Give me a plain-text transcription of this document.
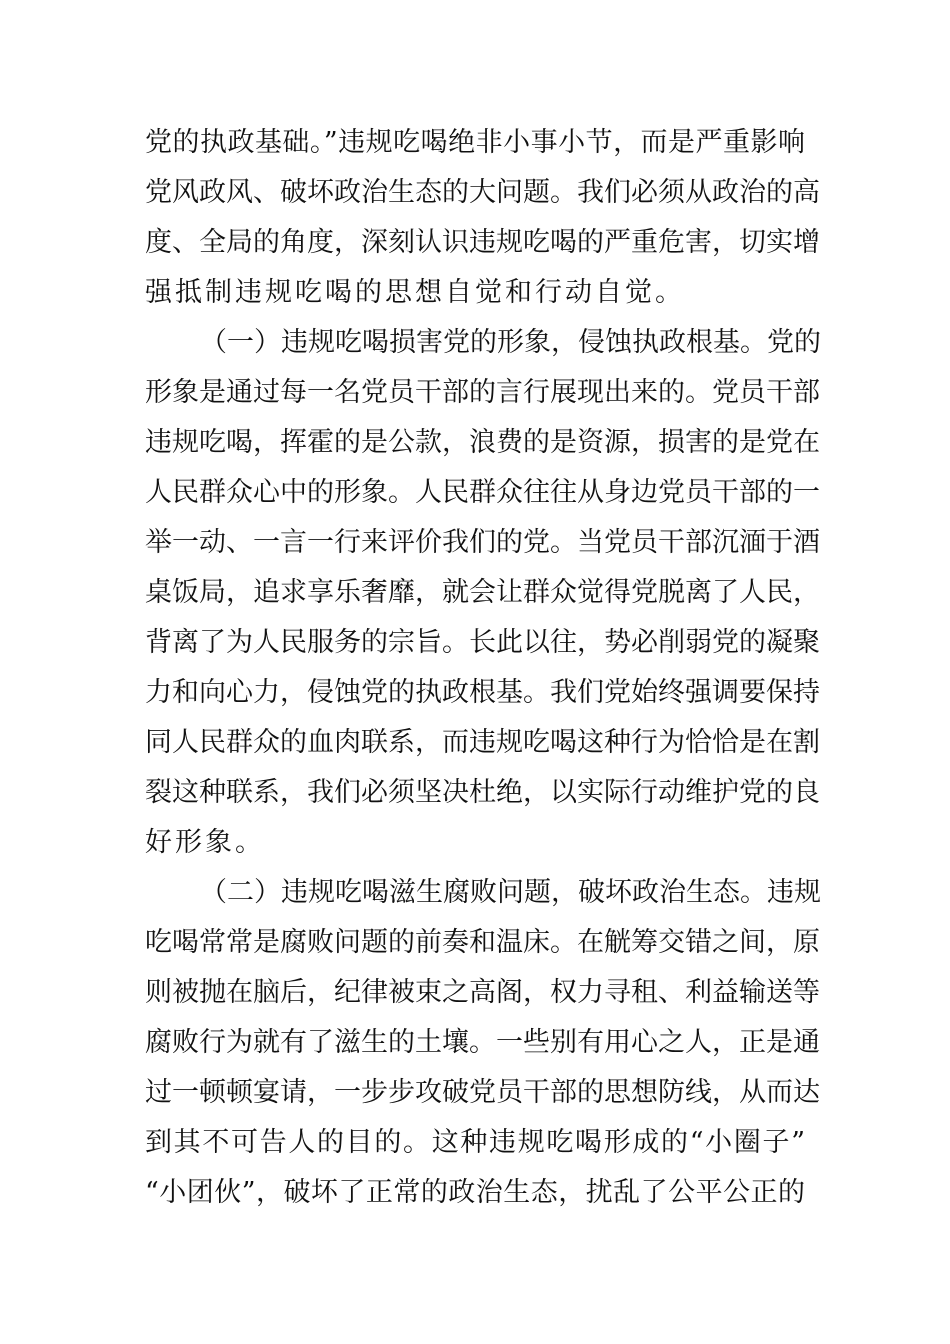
党的执政基础。”违规吃喝绝非小事小节，而是严重影响
党风政风、破坏政治生态的大问题。我们必须从政治的高
度、全局的角度，深刻认识违规吃喝的严重危害，切实增
强抵制违规吃喝的思想自觉和行动自觉。
（一）违规吃喝损害党的形象，侵蚀执政根基。党的
形象是通过每一名党员干部的言行展现出来的。党员干部
违规吃喝，挥霍的是公款，浪费的是资源，损害的是党在
人民群众心中的形象。人民群众往往从身边党员干部的一
举一动、一言一行来评价我们的党。当党员干部沉湎于酒
桌饭局，追求享乐奢靡，就会让群众觉得党脱离了人民，
背离了为人民服务的宗旨。长此以往，势必削弱党的凝聚
力和向心力，侵蚀党的执政根基。我们党始终强调要保持
同人民群众的血肉联系，而违规吃喝这种行为恰恰是在割
裂这种联系，我们必须坚决杜绝，以实际行动维护党的良
好形象。
（二）违规吃喝滋生腐败问题，破坏政治生态。违规
吃喝常常是腐败问题的前奏和温床。在觥筹交错之间，原
则被抛在脑后，纪律被束之高阁，权力寻租、利益输送等
腐败行为就有了滋生的土壤。一些别有用心之人，正是通
过一顿顿宴请，一步步攻破党员干部的思想防线，从而达
到其不可告人的目的。这种违规吃喝形成的“小圈子”
“小团伙”，破坏了正常的政治生态，扰乱了公平公正的
